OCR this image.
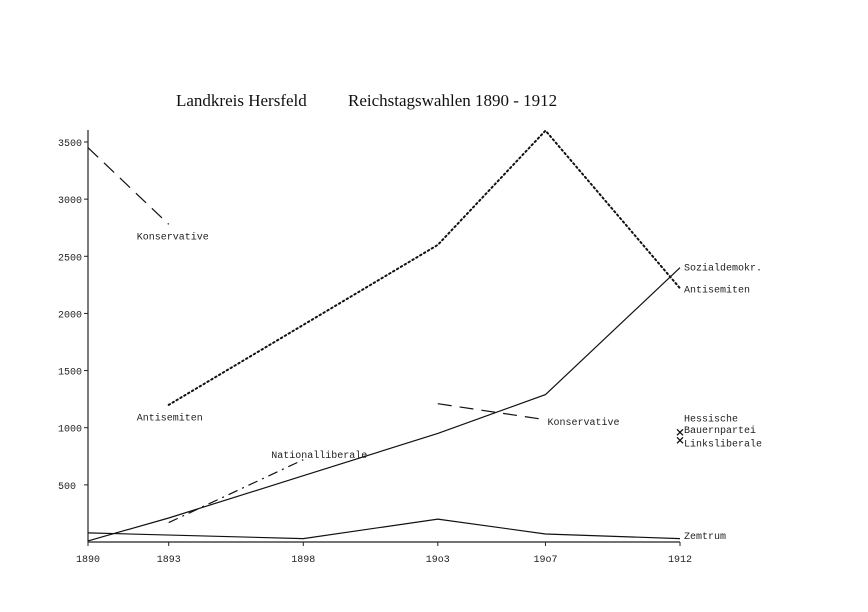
Landkreis Hersfeld Reichstagswahlen 1890 - 1912
500
1000
1500
2000
2500
3000
3500
1890	1893	1898	19o3	19o7	1912
Konservative
Antisemiten
Nationalliberale
Sozialdemokr.
Antisemiten
Konservative	Hessische
Bauernpartei
Linksliberale
Zemtrum
